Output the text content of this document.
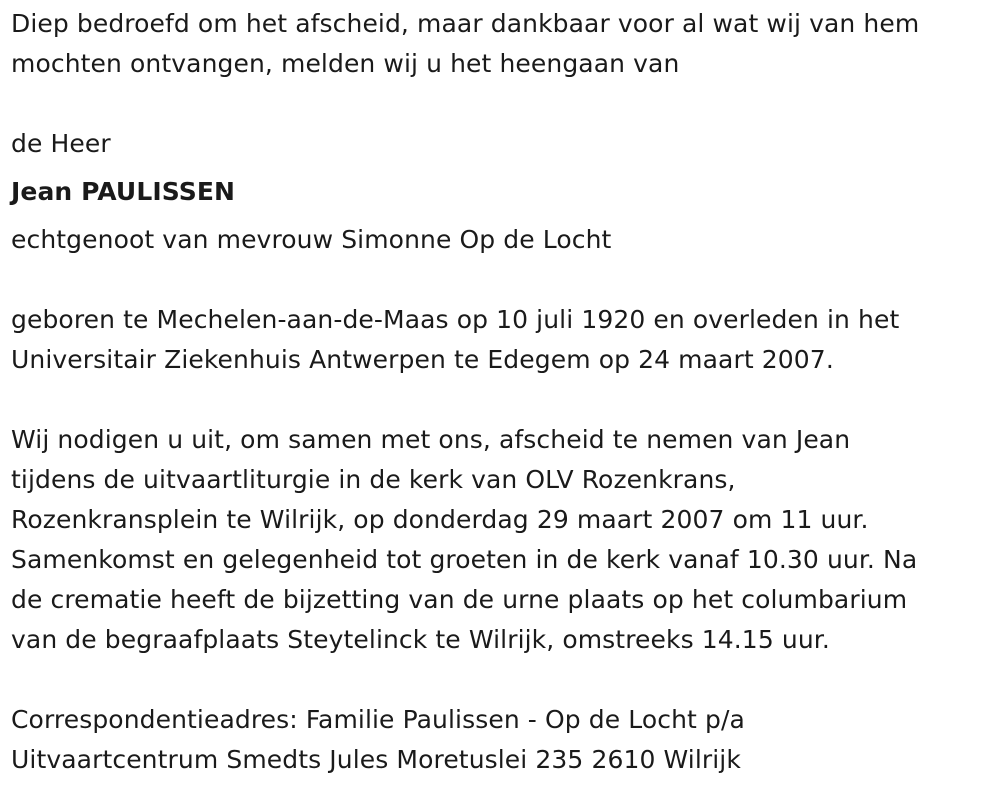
Diep bedroefd om het afscheid, maar dankbaar voor al wat wij van hem
mochten ontvangen, melden wij u het heengaan van

de Heer

Jean PAULISSEN

echtgenoot van mevrouw Simonne Op de Locht

geboren te Mechelen-aan-de-Maas op 10 juli 1920 en overleden in het
Universitair Ziekenhuis Antwerpen te Edegem op 24 maart 2007.

Wij nodigen u uit, om samen met ons, afscheid te nemen van Jean
tijdens de uitvaartliturgie in de kerk van OLV Rozenkrans,
Rozenkransplein te Wilrijk, op donderdag 29 maart 2007 om 11 uur.
Samenkomst en gelegenheid tot groeten in de kerk vanaf 10.30 uur. Na
de crematie heeft de bijzetting van de urne plaats op het columbarium
van de begraafplaats Steytelinck te Wilrijk, omstreeks 14.15 uur.

Correspondentieadres: Familie Paulissen - Op de Locht p/a
Uitvaartcentrum Smedts Jules Moretuslei 235 2610 Wilrijk
